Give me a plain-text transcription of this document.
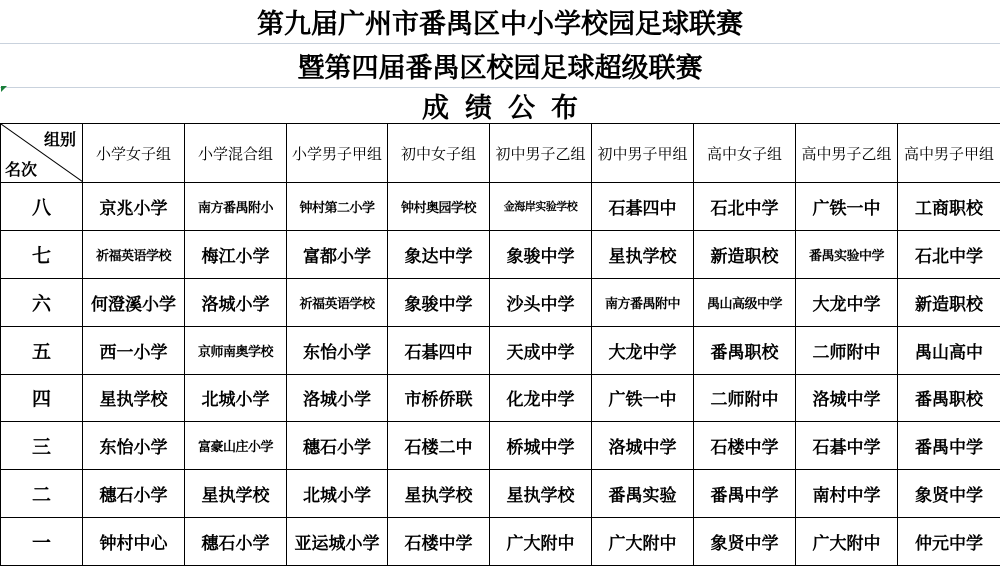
第九届广州市番禺区中小学校园足球联赛
暨第四届番禺区校园足球超级联赛
成绩公布
组别
名次	小学女子组	小学混合组	小学男子甲组	初中女子组	初中男子乙组	初中男子甲组	高中女子组	高中男子乙组	高中男子甲组
八	京兆小学	南方番禺附小	钟村第二小学	钟村奥园学校	金海岸实验学校	石碁四中	石北中学	广铁一中	工商职校
七	祈福英语学校	梅江小学	富都小学	象达中学	象骏中学	星执学校	新造职校	番禺实验中学	石北中学
六	何澄溪小学	洛城小学	祈福英语学校	象骏中学	沙头中学	南方番禺附中	禺山高级中学	大龙中学	新造职校
五	西一小学	京师南奥学校	东怡小学	石碁四中	天成中学	大龙中学	番禺职校	二师附中	禺山高中
四	星执学校	北城小学	洛城小学	市桥侨联	化龙中学	广铁一中	二师附中	洛城中学	番禺职校
三	东怡小学	富豪山庄小学	穗石小学	石楼二中	桥城中学	洛城中学	石楼中学	石碁中学	番禺中学
二	穗石小学	星执学校	北城小学	星执学校	星执学校	番禺实验	番禺中学	南村中学	象贤中学
一	钟村中心	穗石小学	亚运城小学	石楼中学	广大附中	广大附中	象贤中学	广大附中	仲元中学
